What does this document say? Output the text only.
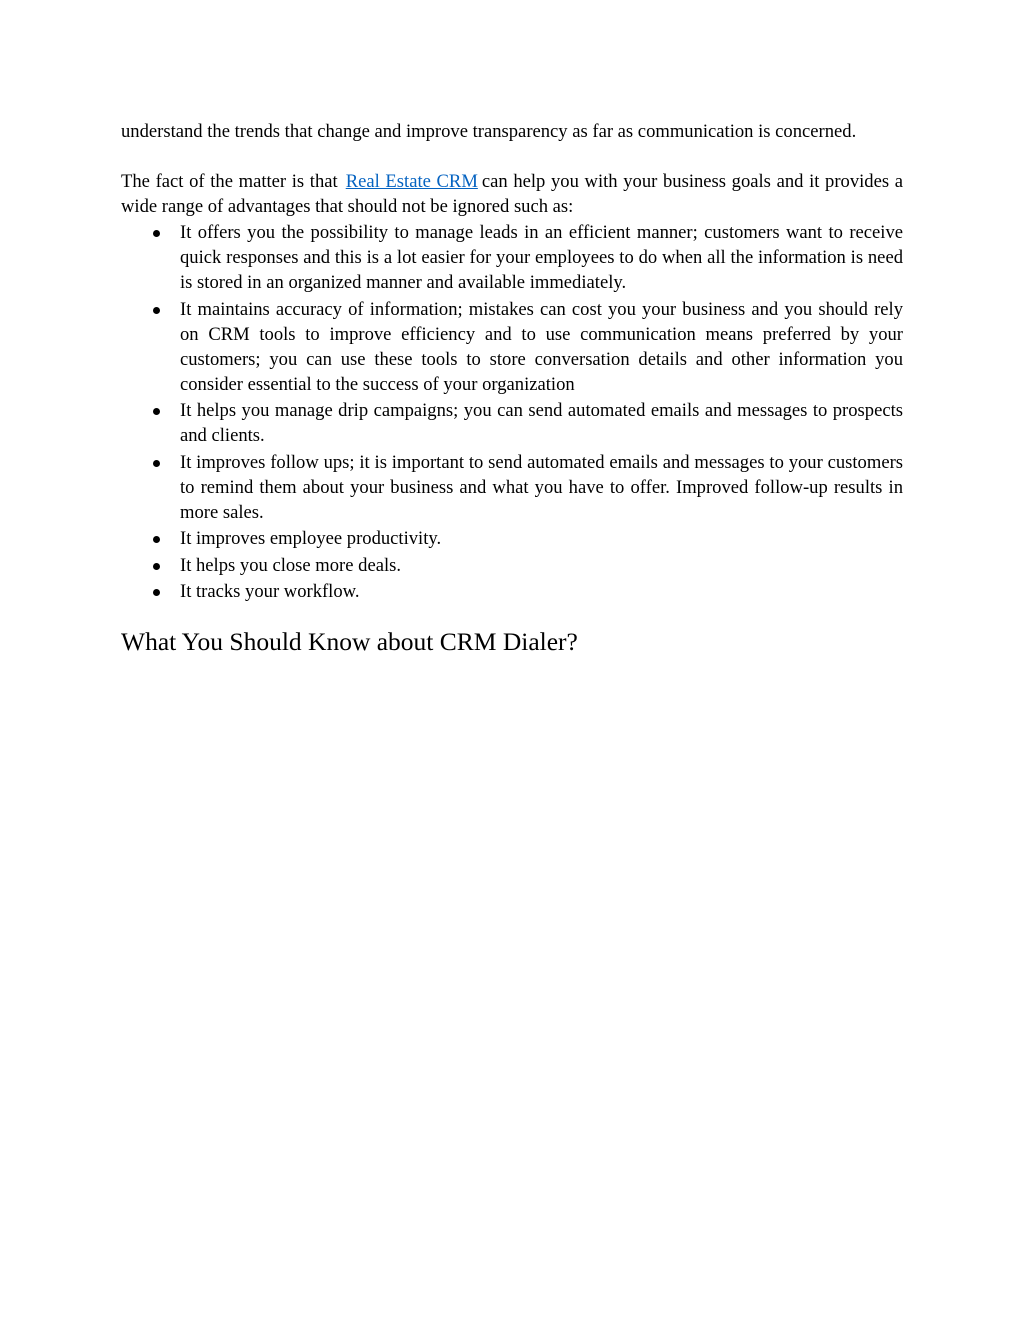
understand the trends that change and improve transparency as far as communication is concerned.

The fact of the matter is that Real Estate CRM can help you with your business goals and it provides a wide range of advantages that should not be ignored such as:

It offers you the possibility to manage leads in an efficient manner; customers want to receive quick responses and this is a lot easier for your employees to do when all the information is need is stored in an organized manner and available immediately.
It maintains accuracy of information; mistakes can cost you your business and you should rely on CRM tools to improve efficiency and to use communication means preferred by your customers; you can use these tools to store conversation details and other information you consider essential to the success of your organization
It helps you manage drip campaigns; you can send automated emails and messages to prospects and clients.
It improves follow ups; it is important to send automated emails and messages to your customers to remind them about your business and what you have to offer. Improved follow-up results in more sales.
It improves employee productivity.
It helps you close more deals.
It tracks your workflow.
What You Should Know about CRM Dialer?
